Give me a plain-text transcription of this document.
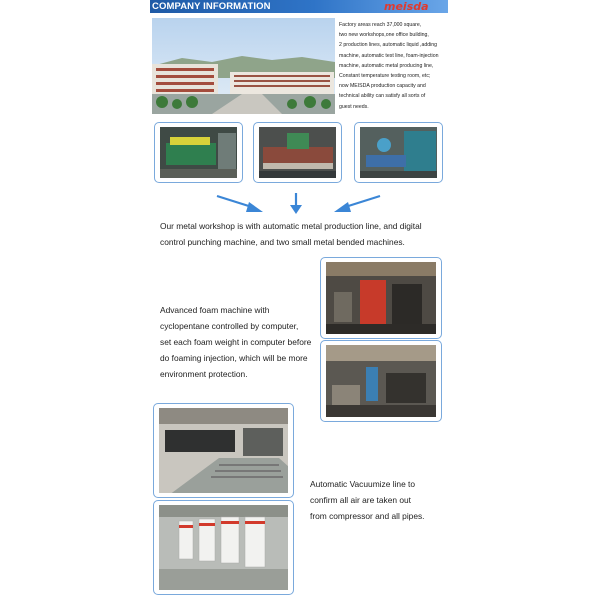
COMPANY INFORMATION	meisda
Factory areas reach 37,000 square,
two new workshops,one office building,
2 production lines, automatic liquid ,adding
machine, automatic test line, foam-injection
machine, automatic metal producing line,
Constant temperature testing room, etc;
now MEISDA production capacity and
technical ability can satisfy all sorts of
guest needs.
Our metal workshop is with automatic metal production line, and digital
control punching machine, and two small metal bended machines.
Advanced foam machine with
cyclopentane controlled by computer,
set each foam weight in computer before
do foaming injection, which will be more
environment protection.
Automatic Vacuumize line to
confirm all air are taken out
from compressor and all pipes.
